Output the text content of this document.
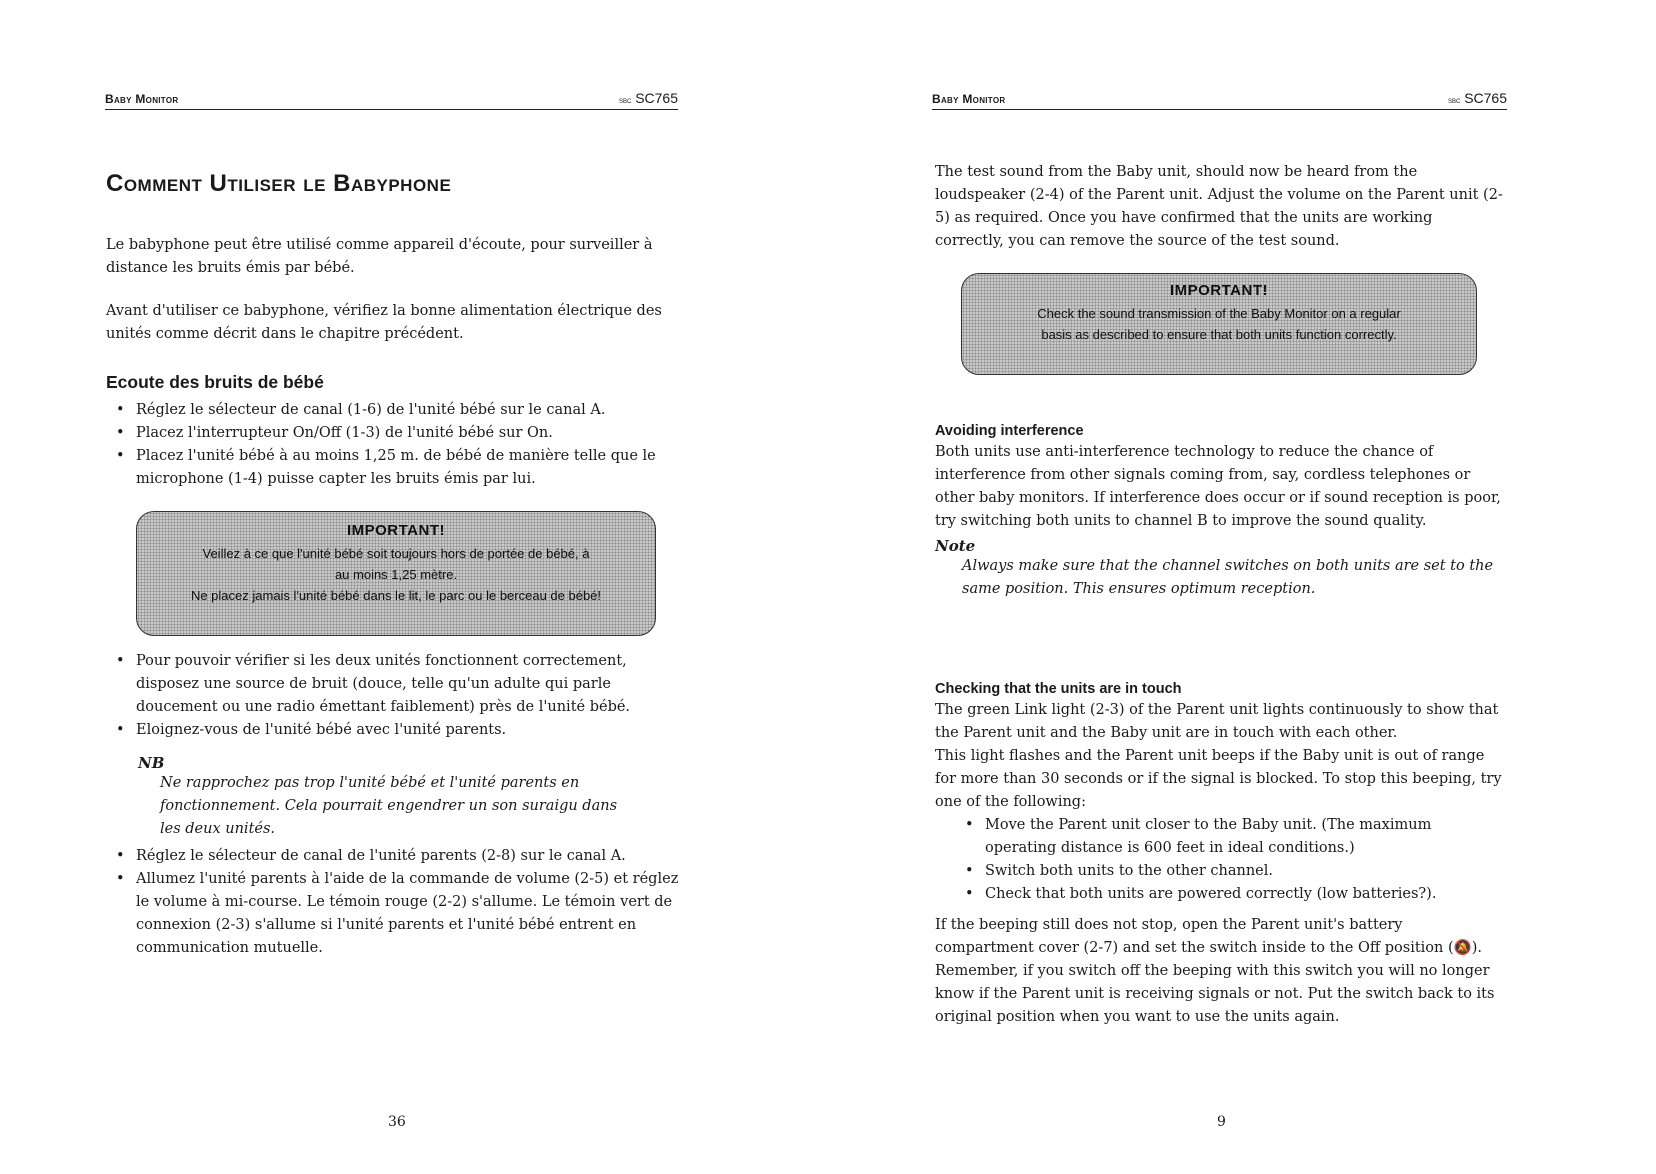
Baby Monitor	sbc SC765
Comment Utiliser le Babyphone

Le babyphone peut être utilisé comme appareil d'écoute, pour surveiller à distance les bruits émis par bébé.

Avant d'utiliser ce babyphone, vérifiez la bonne alimentation électrique des unités comme décrit dans le chapitre précédent.

Ecoute des bruits de bébé
• Réglez le sélecteur de canal (1-6) de l'unité bébé sur le canal A.
• Placez l'interrupteur On/Off (1-3) de l'unité bébé sur On.
• Placez l'unité bébé à au moins 1,25 m. de bébé de manière telle que le microphone (1-4) puisse capter les bruits émis par lui.
IMPORTANT!
Veillez à ce que l'unité bébé soit toujours hors de portée de bébé, à
au moins 1,25 mètre.
Ne placez jamais l'unité bébé dans le lit, le parc ou le berceau de bébé!
• Pour pouvoir vérifier si les deux unités fonctionnent correctement, disposez une source de bruit (douce, telle qu'un adulte qui parle doucement ou une radio émettant faiblement) près de l'unité bébé.
• Eloignez-vous de l'unité bébé avec l'unité parents.
NB
Ne rapprochez pas trop l'unité bébé et l'unité parents en fonctionnement. Cela pourrait engendrer un son suraigu dans les deux unités.
• Réglez le sélecteur de canal de l'unité parents (2-8) sur le canal A.
• Allumez l'unité parents à l'aide de la commande de volume (2-5) et réglez le volume à mi-course. Le témoin rouge (2-2) s'allume. Le témoin vert de connexion (2-3) s'allume si l'unité parents et l'unité bébé entrent en communication mutuelle.
36
Baby Monitor	sbc SC765

The test sound from the Baby unit, should now be heard from the loudspeaker (2-4) of the Parent unit. Adjust the volume on the Parent unit (2-5) as required. Once you have confirmed that the units are working correctly, you can remove the source of the test sound.

IMPORTANT!
Check the sound transmission of the Baby Monitor on a regular
basis as described to ensure that both units function correctly.
Avoiding interference

Both units use anti-interference technology to reduce the chance of interference from other signals coming from, say, cordless telephones or other baby monitors. If interference does occur or if sound reception is poor, try switching both units to channel B to improve the sound quality.

Note
Always make sure that the channel switches on both units are set to the same position. This ensures optimum reception.
Checking that the units are in touch

The green Link light (2-3) of the Parent unit lights continuously to show that the Parent unit and the Baby unit are in touch with each other.

This light flashes and the Parent unit beeps if the Baby unit is out of range for more than 30 seconds or if the signal is blocked. To stop this beeping, try one of the following:

• Move the Parent unit closer to the Baby unit. (The maximum operating distance is 600 feet in ideal conditions.)
• Switch both units to the other channel.
• Check that both units are powered correctly (low batteries?).

If the beeping still does not stop, open the Parent unit's battery compartment cover (2-7) and set the switch inside to the Off position (🔕). Remember, if you switch off the beeping with this switch you will no longer know if the Parent unit is receiving signals or not. Put the switch back to its original position when you want to use the units again.

9
